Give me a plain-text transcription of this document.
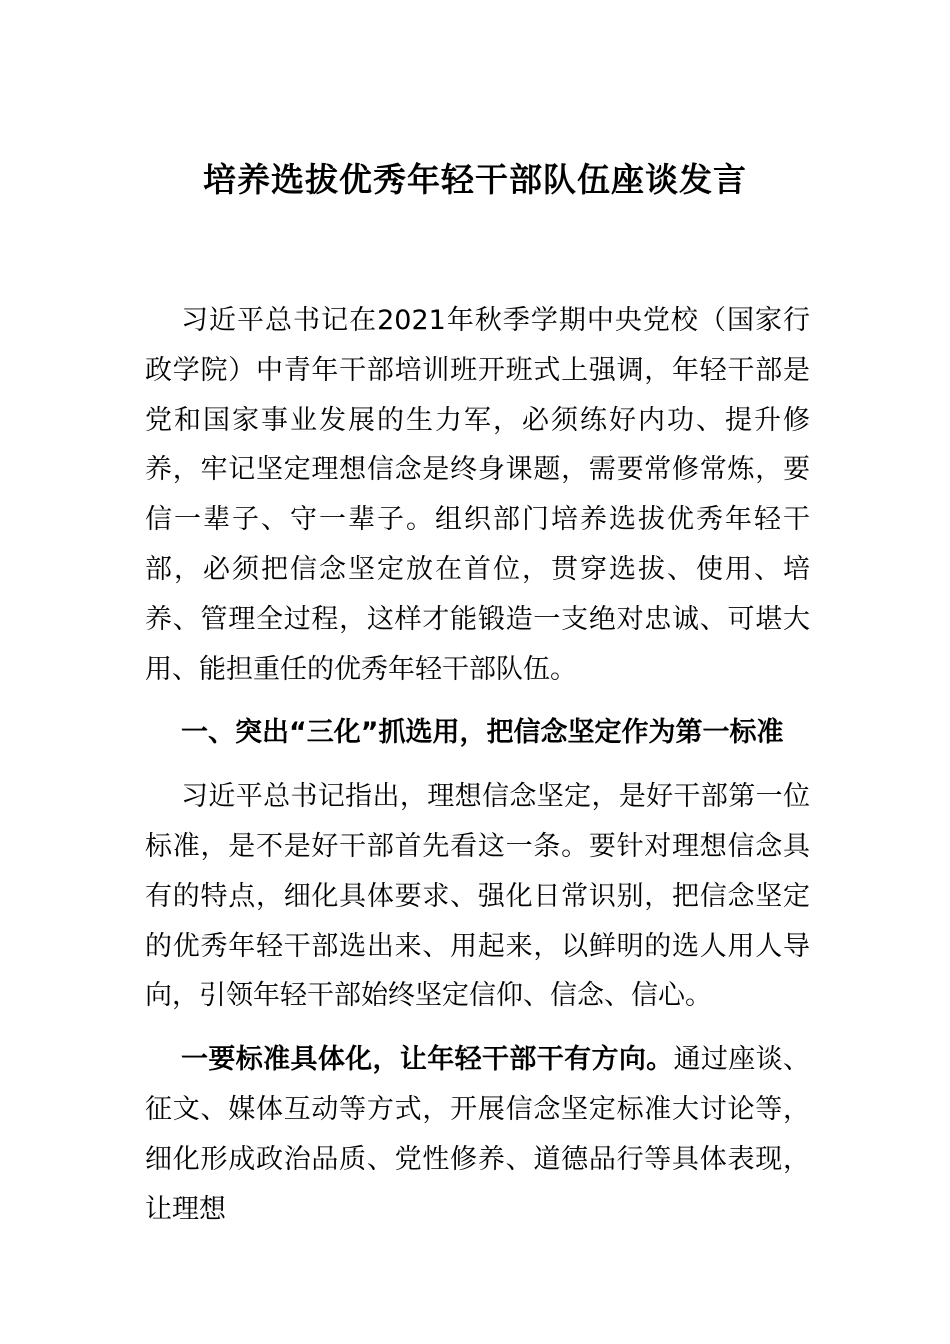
培养选拔优秀年轻干部队伍座谈发言

习近平总书记在2021年秋季学期中央党校（国家行政学院）中青年干部培训班开班式上强调，年轻干部是党和国家事业发展的生力军，必须练好内功、提升修养，牢记坚定理想信念是终身课题，需要常修常炼，要信一辈子、守一辈子。组织部门培养选拔优秀年轻干部，必须把信念坚定放在首位，贯穿选拔、使用、培养、管理全过程，这样才能锻造一支绝对忠诚、可堪大用、能担重任的优秀年轻干部队伍。

一、突出“三化”抓选用，把信念坚定作为第一标准

习近平总书记指出，理想信念坚定，是好干部第一位标准，是不是好干部首先看这一条。要针对理想信念具有的特点，细化具体要求、强化日常识别，把信念坚定的优秀年轻干部选出来、用起来，以鲜明的选人用人导向，引领年轻干部始终坚定信仰、信念、信心。

一要标准具体化，让年轻干部干有方向。通过座谈、征文、媒体互动等方式，开展信念坚定标准大讨论等，细化形成政治品质、党性修养、道德品行等具体表现，让理想
